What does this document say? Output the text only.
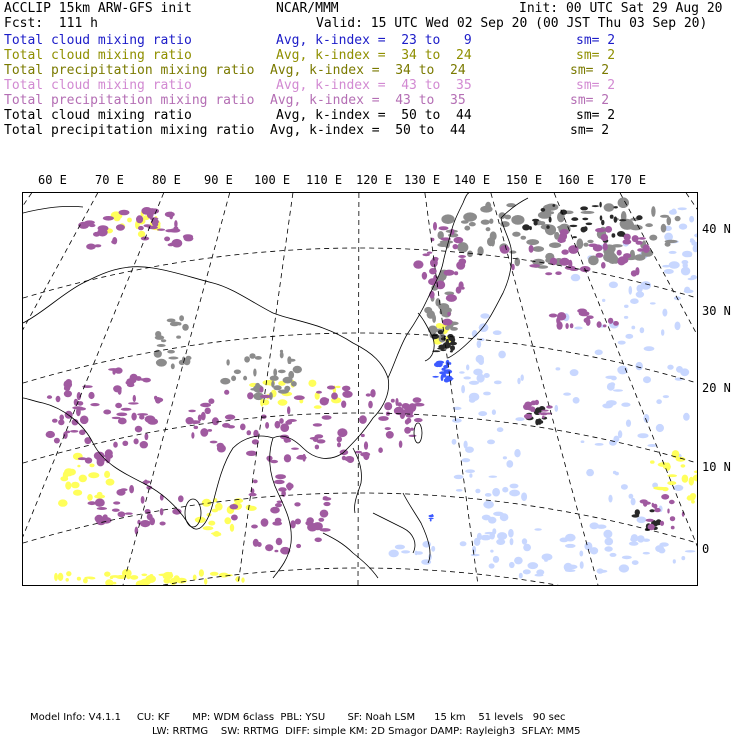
ACCLIP 15km ARW-GFS init	NCAR/MMM	Init: 00 UTC Sat 29 Aug 20
Fcst:  111 h	Valid: 15 UTC Wed 02 Sep 20 (00 JST Thu 03 Sep 20)
Total cloud mixing ratio	Avg, k-index =  23 to   9	sm= 2
Total cloud mixing ratio	Avg, k-index =  34 to  24	sm= 2
Total precipitation mixing ratio Avg, k-index =  34 to  24	sm= 2
Total cloud mixing ratio	Avg, k-index =  43 to  35	sm= 2
Total precipitation mixing ratio Avg, k-index =  43 to  35	sm= 2
Total cloud mixing ratio	Avg, k-index =  50 to  44	sm= 2
Total precipitation mixing ratio Avg, k-index =  50 to  44	sm= 2
60 E 70 E 80 E 90 E 100 E 110 E 120 E 130 E 140 E 150 E 160 E 170 E
40 N
30 N
20 N
10 N
0
Model Info: V4.1.1     CU: KF       MP: WDM 6class  PBL: YSU       SF: Noah LSM      15 km    51 levels   90 sec
LW: RRTMG    SW: RRTMG  DIFF: simple KM: 2D Smagor DAMP: Rayleigh3  SFLAY: MM5
